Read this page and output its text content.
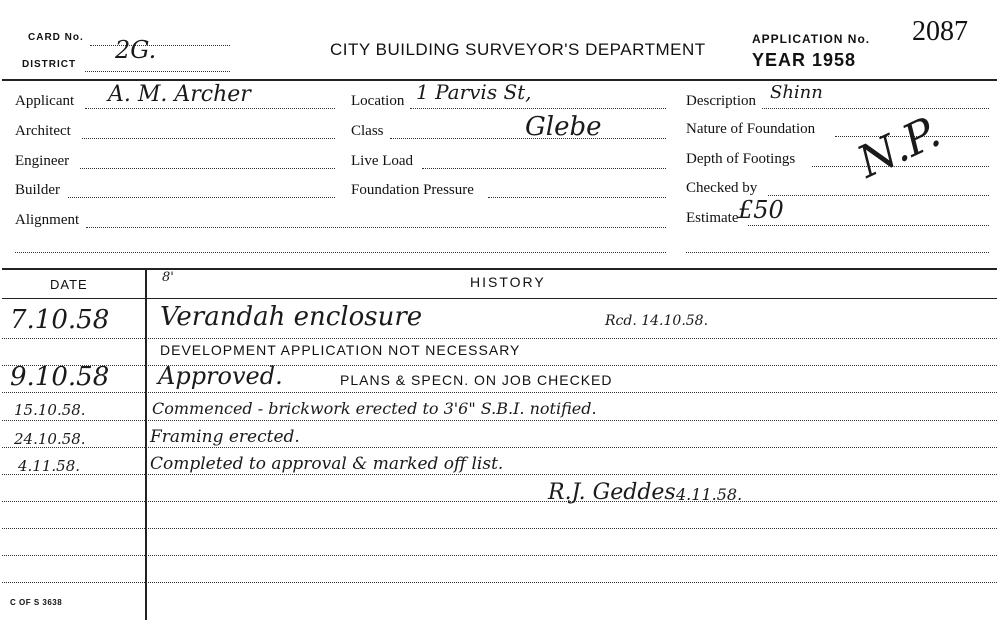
CARD No. 2G.
DISTRICT
CITY BUILDING SURVEYOR'S DEPARTMENT
APPLICATION No. 2087
YEAR 1958
Applicant A. M. Archer
Architect
Engineer
Builder
Alignment
Location 1 Parvis St,
Class	Glebe
Live Load
Foundation Pressure
Description Shinn
Nature of Foundation
Depth of Footings
Checked by
Estimate £50
N.P.
DATE	HISTORY
8'
7.10.58 Verandah enclosure	Rcd. 14.10.58.
DEVELOPMENT APPLICATION NOT NECESSARY
9.10.58 Approved.	PLANS & SPECN. ON JOB CHECKED
15.10.58.	Commenced - brickwork erected to 3'6" S.B.I. notified.
24.10.58.	Framing erected.
4.11.58.	Completed to approval & marked off list.
R.J. Geddes 4.11.58.
C OF S 3638
